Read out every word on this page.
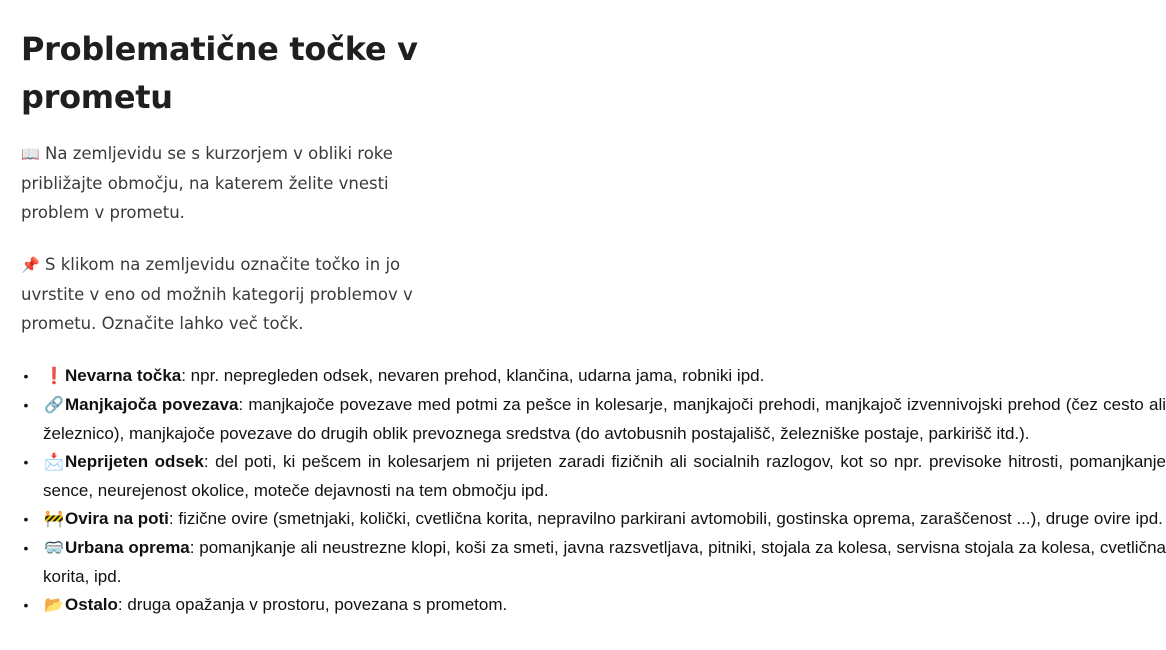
Problematične točke v prometu

📖 Na zemljevidu se s kurzorjem v obliki roke približajte območju, na katerem želite vnesti problem v prometu.

📌 S klikom na zemljevidu označite točko in jo uvrstite v eno od možnih kategorij problemov v prometu. Označite lahko več točk.

• ❗Nevarna točka: npr. nepregleden odsek, nevaren prehod, klančina, udarna jama, robniki ipd.
• 🔗Manjkajoča povezava: manjkajoče povezave med potmi za pešce in kolesarje, manjkajoči prehodi, manjkajoč izvennivojski prehod (čez cesto ali železnico), manjkajoče povezave do drugih oblik prevoznega sredstva (do avtobusnih postajališč, železniške postaje, parkirišč itd.).
• 📩Neprijeten odsek: del poti, ki pešcem in kolesarjem ni prijeten zaradi fizičnih ali socialnih razlogov, kot so npr. previsoke hitrosti, pomanjkanje sence, neurejenost okolice, moteče dejavnosti na tem območju ipd.
• 🚧Ovira na poti: fizične ovire (smetnjaki, količki, cvetlična korita, nepravilno parkirani avtomobili, gostinska oprema, zaraščenost ...), druge ovire ipd.
• 🥽Urbana oprema: pomanjkanje ali neustrezne klopi, koši za smeti, javna razsvetljava, pitniki, stojala za kolesa, servisna stojala za kolesa, cvetlična korita, ipd.
• 📂Ostalo: druga opažanja v prostoru, povezana s prometom.
